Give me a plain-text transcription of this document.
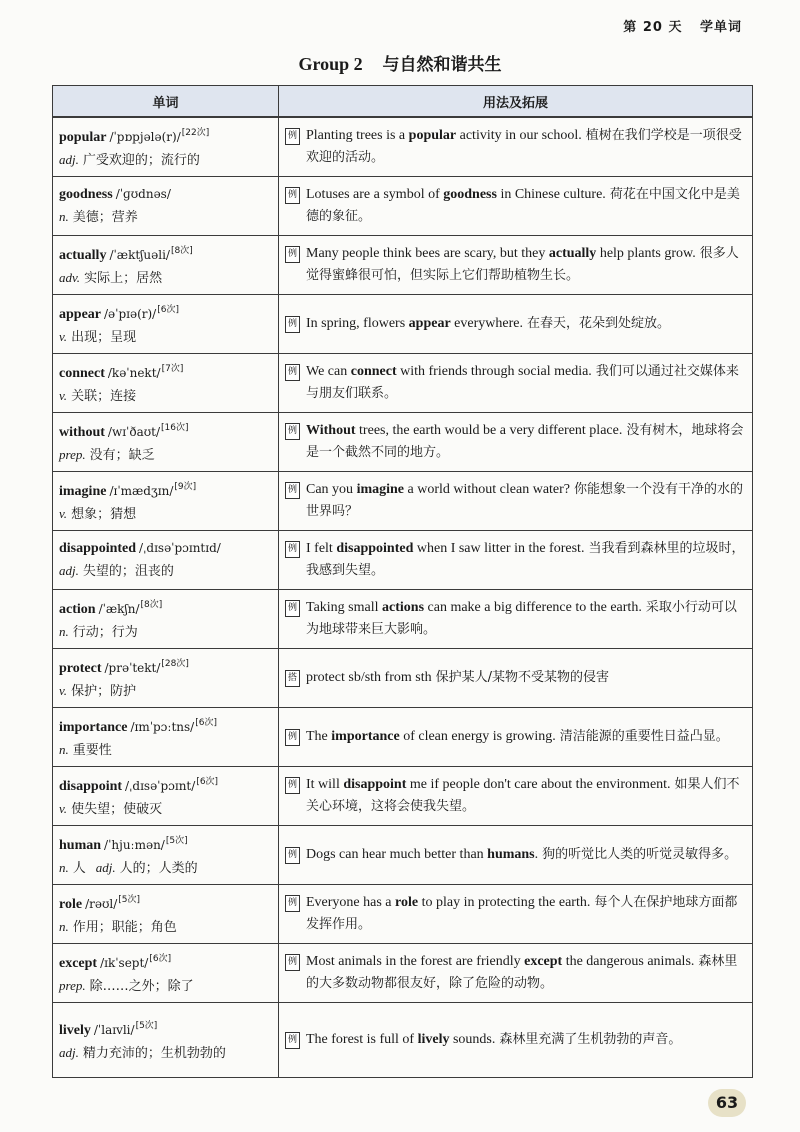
第 20 天 学单词
Group 2 与自然和谐共生
单词	用法及拓展

popular /ˈpɒpjələ(r)/[22次]
adj. 广受欢迎的；流行的	例 Planting trees is a popular activity in our school. 植树在我们学校是一项很受欢迎的活动。

goodness /ˈɡʊdnəs/
n. 美德；营养	例 Lotuses are a symbol of goodness in Chinese culture. 荷花在中国文化中是美德的象征。

actually /ˈæktʃuəli/[8次]
adv. 实际上；居然	例 Many people think bees are scary, but they actually help plants grow. 很多人觉得蜜蜂很可怕，但实际上它们帮助植物生长。

appear /əˈpɪə(r)/[6次]
v. 出现；呈现	例 In spring, flowers appear everywhere. 在春天，花朵到处绽放。

connect /kəˈnekt/[7次]
v. 关联；连接	例 We can connect with friends through social media. 我们可以通过社交媒体来与朋友们联系。

without /wɪˈðaʊt/[16次]
prep. 没有；缺乏	例 Without trees, the earth would be a very different place. 没有树木，地球将会是一个截然不同的地方。

imagine /ɪˈmædʒɪn/[9次]
v. 想象；猜想	例 Can you imagine a world without clean water? 你能想象一个没有干净的水的世界吗？

disappointed /ˌdɪsəˈpɔɪntɪd/
adj. 失望的；沮丧的	例 I felt disappointed when I saw litter in the forest. 当我看到森林里的垃圾时，我感到失望。

action /ˈækʃn/[8次]
n. 行动；行为	例 Taking small actions can make a big difference to the earth. 采取小行动可以为地球带来巨大影响。

protect /prəˈtekt/[28次]
v. 保护；防护	搭 protect sb/sth from sth 保护某人/某物不受某物的侵害

importance /ɪmˈpɔːtns/[6次]
n. 重要性	例 The importance of clean energy is growing. 清洁能源的重要性日益凸显。

disappoint /ˌdɪsəˈpɔɪnt/[6次]
v. 使失望；使破灭	例 It will disappoint me if people don't care about the environment. 如果人们不关心环境，这将会使我失望。

human /ˈhjuːmən/[5次]
n. 人 adj. 人的；人类的	例 Dogs can hear much better than humans. 狗的听觉比人类的听觉灵敏得多。

role /rəʊl/[5次]
n. 作用；职能；角色	例 Everyone has a role to play in protecting the earth. 每个人在保护地球方面都发挥作用。

except /ɪkˈsept/[6次]
prep. 除……之外；除了	例 Most animals in the forest are friendly except the dangerous animals. 森林里的大多数动物都很友好，除了危险的动物。

lively /ˈlaɪvli/[5次]
adj. 精力充沛的；生机勃勃的	例 The forest is full of lively sounds. 森林里充满了生机勃勃的声音。
63
